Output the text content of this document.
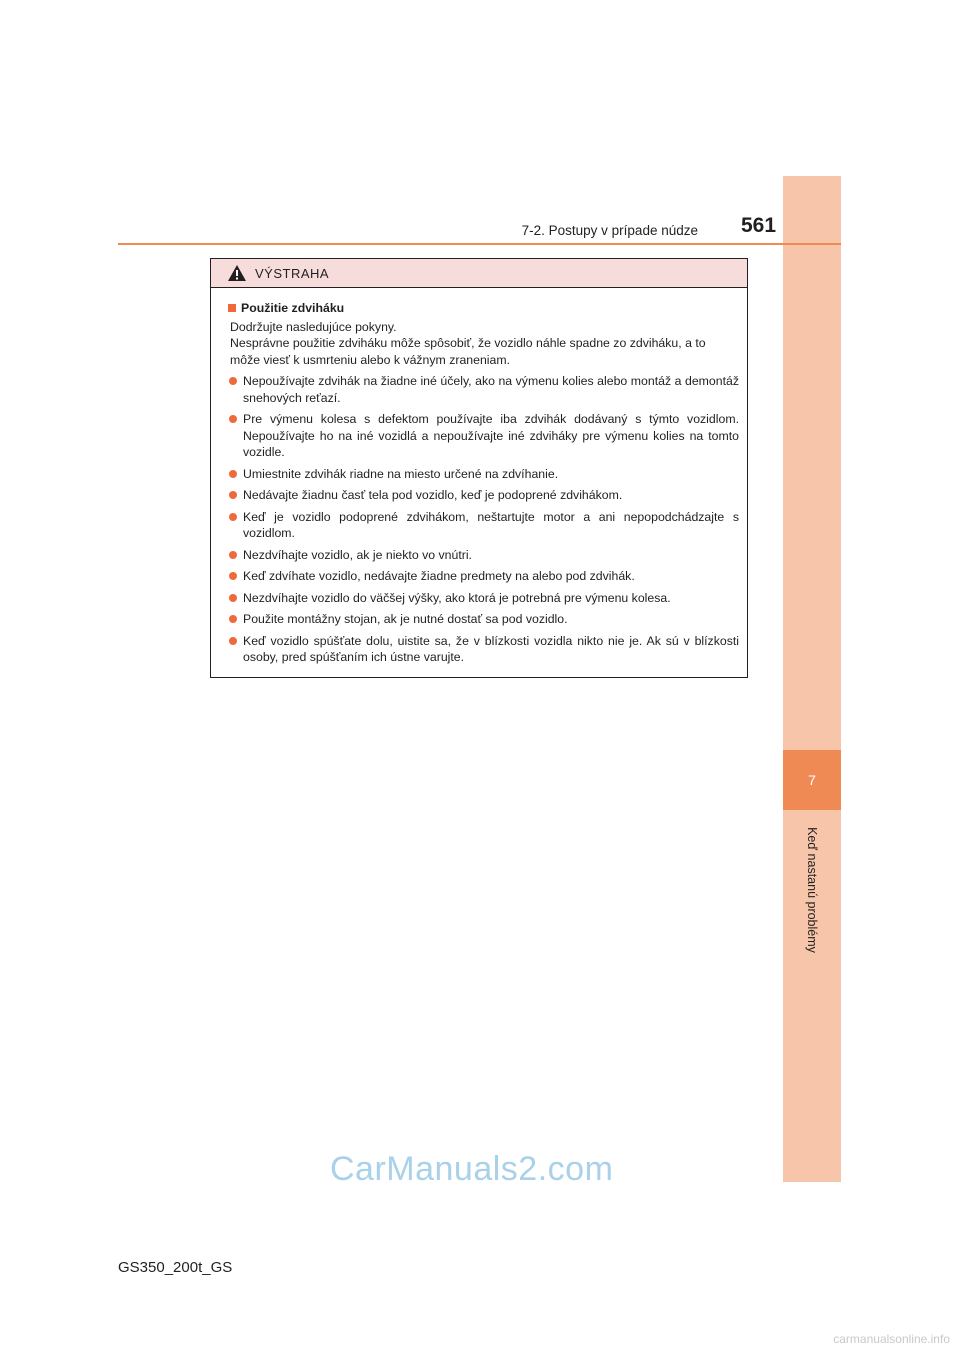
7
Keď nastanú problémy
7-2. Postupy v prípade núdze 561
VÝSTRAHA
Použitie zdviháku
Dodržujte nasledujúce pokyny.
Nesprávne použitie zdviháku môže spôsobiť, že vozidlo náhle spadne zo zdviháku, a to môže viesť k usmrteniu alebo k vážnym zraneniam.
Nepoužívajte zdvihák na žiadne iné účely, ako na výmenu kolies alebo montáž a demontáž snehových reťazí.
Pre výmenu kolesa s defektom používajte iba zdvihák dodávaný s týmto vozidlom. Nepoužívajte ho na iné vozidlá a nepoužívajte iné zdviháky pre výmenu kolies na tomto vozidle.
Umiestnite zdvihák riadne na miesto určené na zdvíhanie.
Nedávajte žiadnu časť tela pod vozidlo, keď je podoprené zdvihákom.
Keď je vozidlo podoprené zdvihákom, neštartujte motor a ani nepopodchádzajte s vozidlom.
Nezdvíhajte vozidlo, ak je niekto vo vnútri.
Keď zdvíhate vozidlo, nedávajte žiadne predmety na alebo pod zdvihák.
Nezdvíhajte vozidlo do väčšej výšky, ako ktorá je potrebná pre výmenu kolesa.
Použite montážny stojan, ak je nutné dostať sa pod vozidlo.
Keď vozidlo spúšťate dolu, uistite sa, že v blízkosti vozidla nikto nie je. Ak sú v blízkosti osoby, pred spúšťaním ich ústne varujte.
CarManuals2.com
GS350_200t_GS
carmanualsonline.info
